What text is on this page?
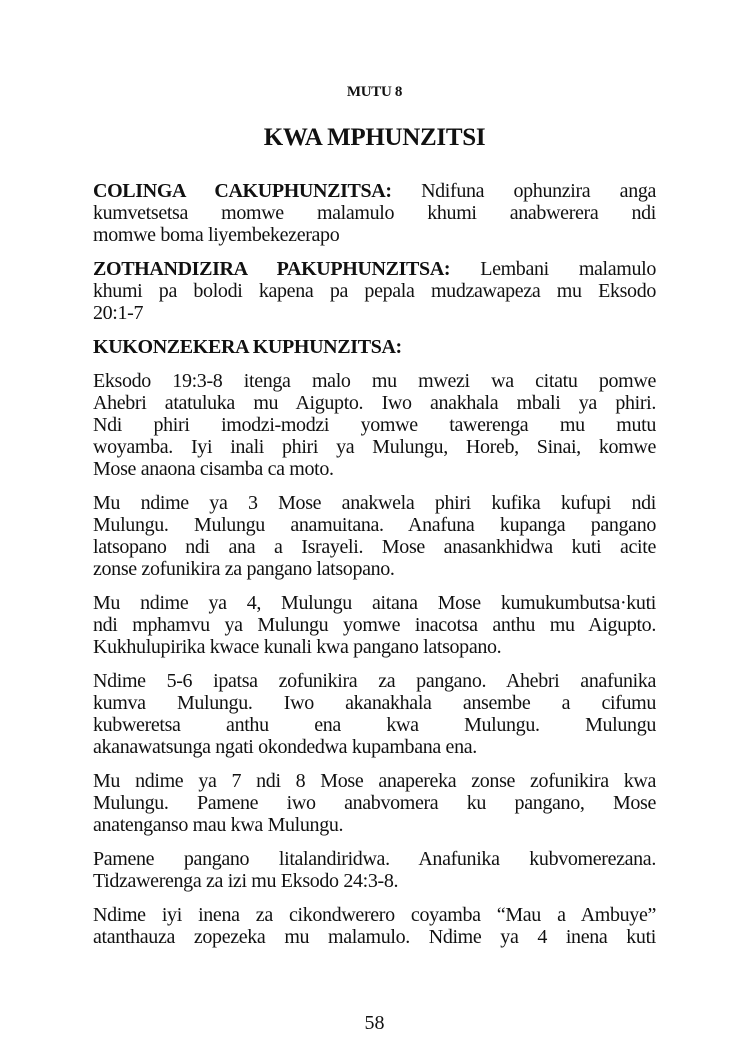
MUTU 8
KWA MPHUNZITSI
COLINGA CAKUPHUNZITSA: Ndifuna ophunzira anga
kumvetsetsa momwe malamulo khumi anabwerera ndi
momwe boma liyembekezerapo
ZOTHANDIZIRA PAKUPHUNZITSA: Lembani malamulo
khumi pa bolodi kapena pa pepala mudzawapeza mu Eksodo
20:1-7
KUKONZEKERA KUPHUNZITSA:
Eksodo 19:3-8 itenga malo mu mwezi wa citatu pomwe
Ahebri atatuluka mu Aigupto. Iwo anakhala mbali ya phiri.
Ndi phiri imodzi-modzi yomwe tawerenga mu mutu
woyamba. Iyi inali phiri ya Mulungu, Horeb, Sinai, komwe
Mose anaona cisamba ca moto.
Mu ndime ya 3 Mose anakwela phiri kufika kufupi ndi
Mulungu. Mulungu anamuitana. Anafuna kupanga pangano
latsopano ndi ana a Israyeli. Mose anasankhidwa kuti acite
zonse zofunikira za pangano latsopano.
Mu ndime ya 4, Mulungu aitana Mose kumukumbutsa·kuti
ndi mphamvu ya Mulungu yomwe inacotsa anthu mu Aigupto.
Kukhulupirika kwace kunali kwa pangano latsopano.
Ndime 5-6 ipatsa zofunikira za pangano. Ahebri anafunika
kumva Mulungu. Iwo akanakhala ansembe a cifumu
kubweretsa anthu ena kwa Mulungu. Mulungu
akanawatsunga ngati okondedwa kupambana ena.
Mu ndime ya 7 ndi 8 Mose anapereka zonse zofunikira kwa
Mulungu. Pamene iwo anabvomera ku pangano, Mose
anatenganso mau kwa Mulungu.
Pamene pangano litalandiridwa. Anafunika kubvomerezana.
Tidzawerenga za izi mu Eksodo 24:3-8.
Ndime iyi inena za cikondwerero coyamba “Mau a Ambuye”
atanthauza zopezeka mu malamulo. Ndime ya 4 inena kuti
58
